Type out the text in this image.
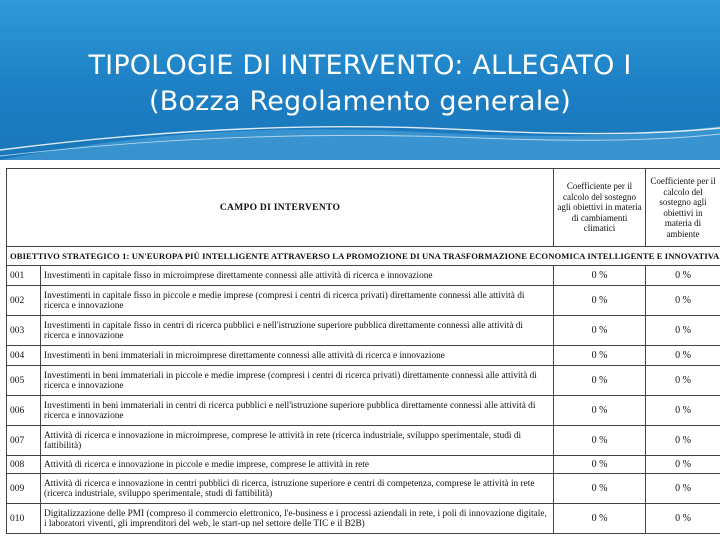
TIPOLOGIE DI INTERVENTO: ALLEGATO I
(Bozza Regolamento generale)
CAMPO DI INTERVENTO		Coefficiente per il calcolo del sostegno agli obiettivi in materia di cambiamenti climatici	Coefficiente per il calcolo del sostegno agli obiettivi in materia di ambiente
OBIETTIVO STRATEGICO 1: UN'EUROPA PIÙ INTELLIGENTE ATTRAVERSO LA PROMOZIONE DI UNA TRASFORMAZIONE ECONOMICA INTELLIGENTE E INNOVATIVA			
001	Investimenti in capitale fisso in microimprese direttamente connessi alle attività di ricerca e innovazione	0 %	0 %
002	Investimenti in capitale fisso in piccole e medie imprese (compresi i centri di ricerca privati) direttamente connessi alle attività di ricerca e innovazione	0 %	0 %
003	Investimenti in capitale fisso in centri di ricerca pubblici e nell'istruzione superiore pubblica direttamente connessi alle attività di ricerca e innovazione	0 %	0 %
004	Investimenti in beni immateriali in microimprese direttamente connessi alle attività di ricerca e innovazione	0 %	0 %
005	Investimenti in beni immateriali in piccole e medie imprese (compresi i centri di ricerca privati) direttamente connessi alle attività di ricerca e innovazione	0 %	0 %
006	Investimenti in beni immateriali in centri di ricerca pubblici e nell'istruzione superiore pubblica direttamente connessi alle attività di ricerca e innovazione	0 %	0 %
007	Attività di ricerca e innovazione in microimprese, comprese le attività in rete (ricerca industriale, sviluppo sperimentale, studi di fattibilità)	0 %	0 %
008	Attività di ricerca e innovazione in piccole e medie imprese, comprese le attività in rete	0 %	0 %
009	Attività di ricerca e innovazione in centri pubblici di ricerca, istruzione superiore e centri di competenza, comprese le attività in rete (ricerca industriale, sviluppo sperimentale, studi di fattibilità)	0 %	0 %
010	Digitalizzazione delle PMI (compreso il commercio elettronico, l'e-business e i processi aziendali in rete, i poli di innovazione digitale, i laboratori viventi, gli imprenditori del web, le start-up nel settore delle TIC e il B2B)	0 %	0 %
